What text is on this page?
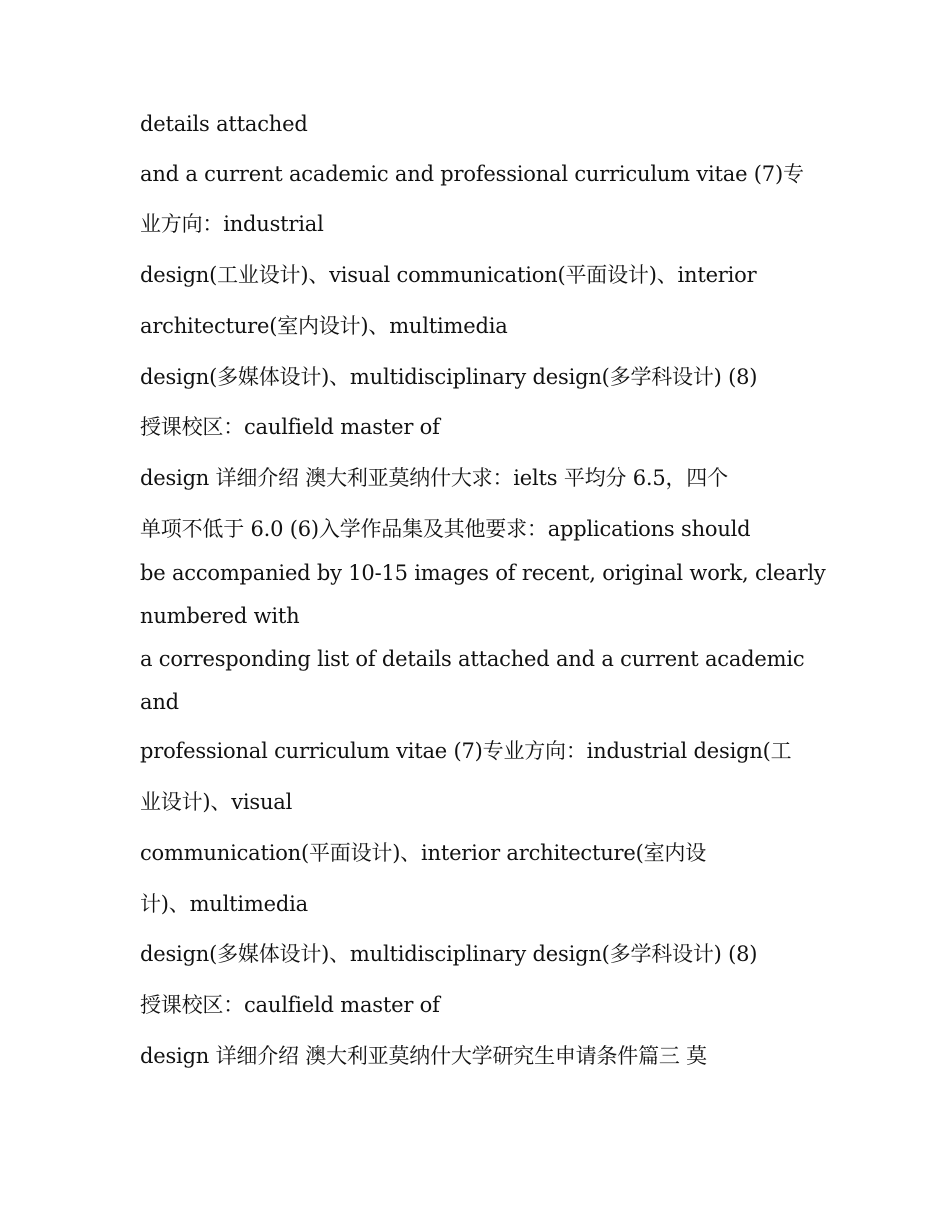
details attached
and a current academic and professional curriculum vitae (7)专
业方向：industrial
design(工业设计)、visual communication(平面设计)、interior
architecture(室内设计)、multimedia
design(多媒体设计)、multidisciplinary design(多学科设计) (8)
授课校区：caulfield master of
design 详细介绍 澳大利亚莫纳什大求：ielts 平均分 6.5，四个
单项不低于 6.0 (6)入学作品集及其他要求：applications should
be accompanied by 10-15 images of recent, original work, clearly
numbered with
a corresponding list of details attached and a current academic
and
professional curriculum vitae (7)专业方向：industrial design(工
业设计)、visual
communication(平面设计)、interior architecture(室内设
计)、multimedia
design(多媒体设计)、multidisciplinary design(多学科设计) (8)
授课校区：caulfield master of
design 详细介绍 澳大利亚莫纳什大学研究生申请条件篇三 莫
